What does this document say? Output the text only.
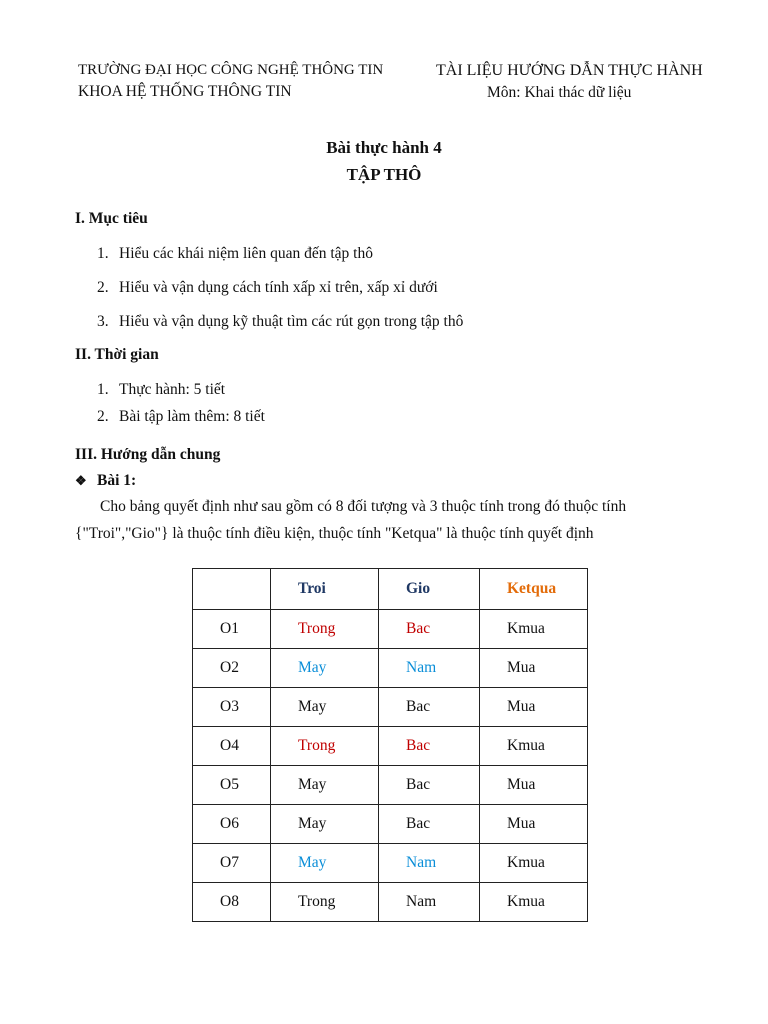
TRƯỜNG ĐẠI HỌC CÔNG NGHỆ THÔNG TIN
KHOA HỆ THỐNG THÔNG TIN
TÀI LIỆU HƯỚNG DẪN THỰC HÀNH
Môn: Khai thác dữ liệu
Bài thực hành 4
TẬP THÔ
I. Mục tiêu
1. Hiểu các khái niệm liên quan đến tập thô
2. Hiểu và vận dụng cách tính xấp xỉ trên, xấp xỉ dưới
3. Hiểu và vận dụng kỹ thuật tìm các rút gọn trong tập thô
II. Thời gian
1. Thực hành: 5 tiết
2. Bài tập làm thêm: 8 tiết
III. Hướng dẫn chung
❖ Bài 1:
Cho bảng quyết định như sau gồm có 8 đối tượng và 3 thuộc tính trong đó thuộc tính
{"Troi","Gio"} là thuộc tính điều kiện, thuộc tính "Ketqua" là thuộc tính quyết định
	Troi	Gio	Ketqua
O1	Trong	Bac	Kmua
O2	May	Nam	Mua
O3	May	Bac	Mua
O4	Trong	Bac	Kmua
O5	May	Bac	Mua
O6	May	Bac	Mua
O7	May	Nam	Kmua
O8	Trong	Nam	Kmua
